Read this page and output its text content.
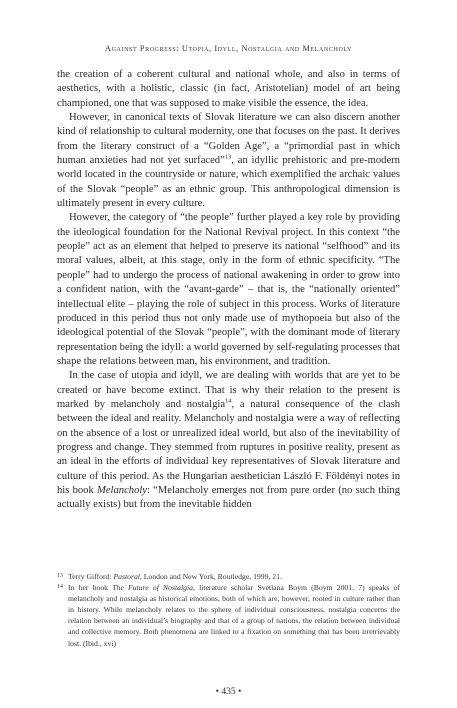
Against Progress: Utopia, Idyll, Nostalgia and Melancholy

the creation of a coherent cultural and national whole, and also in terms of aesthetics, with a holistic, classic (in fact, Aristotelian) model of art being championed, one that was supposed to make visible the essence, the idea.

However, in canonical texts of Slovak literature we can also discern another kind of relationship to cultural modernity, one that focuses on the past. It derives from the literary construct of a “Golden Age”, a “primordial past in which human anxieties had not yet surfaced”$^{13}$, an idyllic prehistoric and pre-modern world located in the countryside or nature, which exemplified the archaic values of the Slovak “people” as an ethnic group. This anthropological dimension is ultimately present in every culture.

However, the category of “the people” further played a key role by providing the ideological foundation for the National Revival project. In this context “the people” act as an element that helped to preserve its national “selfhood” and its moral values, albeit, at this stage, only in the form of ethnic specificity. “The people” had to undergo the process of national awakening in order to grow into a confident nation, with the “avant-garde” – that is, the “nationally oriented” intellectual elite – playing the role of subject in this process. Works of literature produced in this period thus not only made use of mythopoeia but also of the ideological potential of the Slovak “people”, with the dominant mode of literary representation being the idyll: a world governed by self-regulating processes that shape the relations between man, his environment, and tradition.

In the case of utopia and idyll, we are dealing with worlds that are yet to be created or have become extinct. That is why their relation to the present is marked by melancholy and nostalgia$^{14}$, a natural consequence of the clash between the ideal and reality. Melancholy and nostalgia were a way of reflecting on the absence of a lost or unrealized ideal world, but also of the inevitability of progress and change. They stemmed from ruptures in positive reality, present as an ideal in the efforts of individual key representatives of Slovak literature and culture of this period. As the Hungarian aesthetician László F. Földényi notes in his book Melancholy: “Melancholy emerges not from pure order (no such thing actually exists) but from the inevitable hidden

13 Terry Gifford: Pastoral, London and New York, Routledge, 1999, 21.
14 In her book The Future of Nostalgia, literature scholar Svetlana Boym (Boym 2001, 7) speaks of melancholy and nostalgia as historical emotions, both of which are, however, rooted in culture rather than in history. While melancholy relates to the sphere of individual consciousness, nostalgia concerns the relation between an individual’s biography and that of a group of nations, the relation between individual and collective memory. Both phenomena are linked to a fixation on something that has been irretrievably lost. (Ibid., xvi)
• 435 •
